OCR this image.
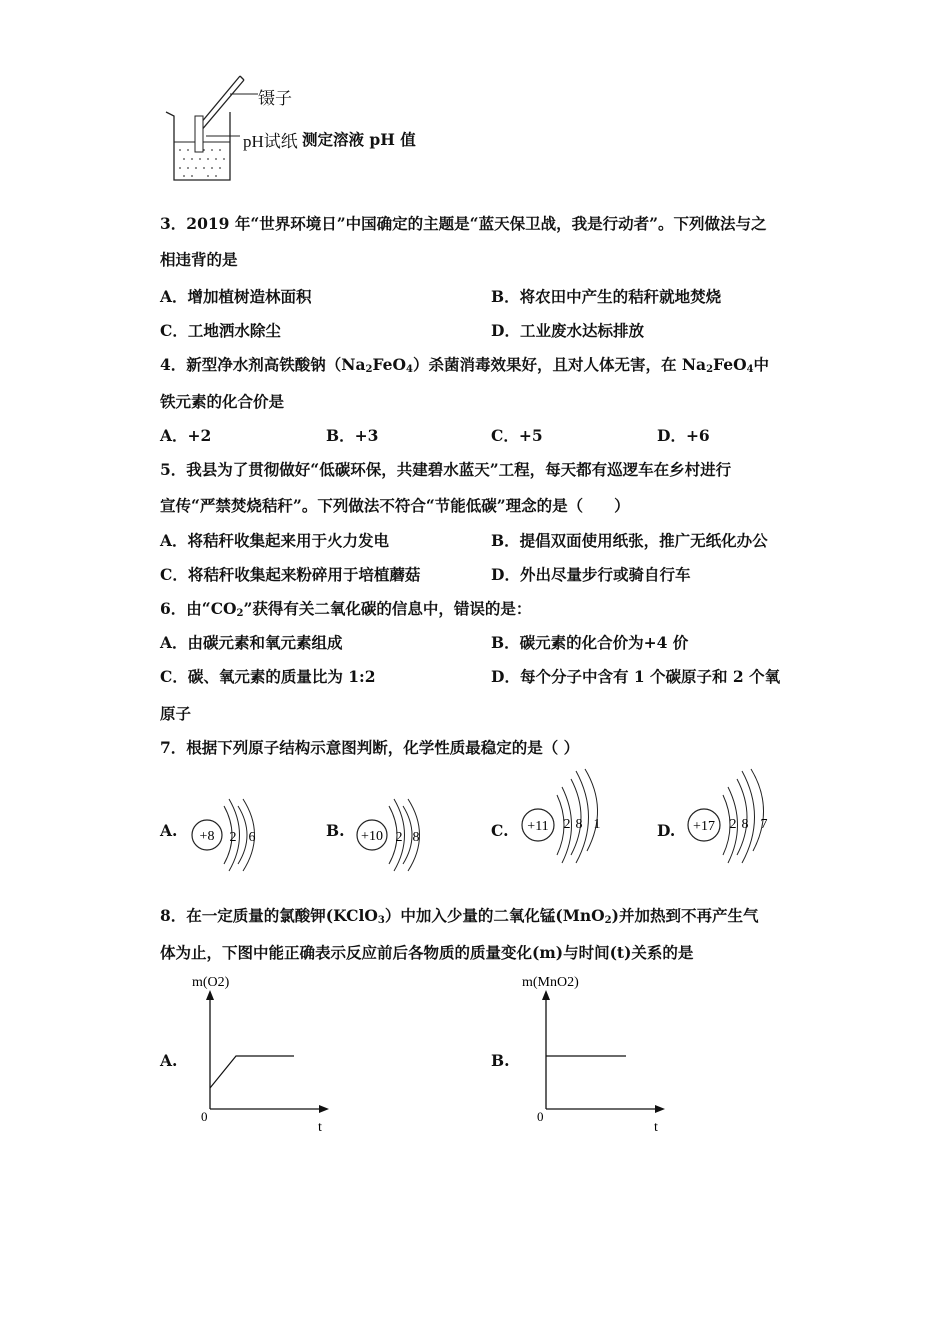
镊子
pH试纸 测定溶液 pH 值
3．2019 年“世界环境日”中国确定的主题是“蓝天保卫战，我是行动者”。下列做法与之
相违背的是
A．增加植树造林面积	B．将农田中产生的秸秆就地焚烧
C．工地洒水除尘	D．工业废水达标排放
4．新型净水剂高铁酸钠$(Na_2FeO_4)$杀菌消毒效果好，且对人体无害，在 $Na_2FeO_4$中
铁元素的化合价是
A．+2	B．+3	C．+5	D．+6
5．我县为了贯彻做好“低碳环保，共建碧水蓝天”工程，每天都有巡逻车在乡村进行
宣传“严禁焚烧秸秆”。下列做法不符合“节能低碳”理念的是（　　）
A．将秸秆收集起来用于火力发电	B．提倡双面使用纸张，推广无纸化办公
C．将秸秆收集起来粉碎用于培植蘑菇	D．外出尽量步行或骑自行车
6．由“$CO_2$”获得有关二氧化碳的信息中，错误的是：
A．由碳元素和氧元素组成	B．碳元素的化合价为+4 价
C．碳、氧元素的质量比为 1:2	D．每个分子中含有 1 个碳原子和 2 个氧
原子
7．根据下列原子结构示意图判断，化学性质最稳定的是（ ）
A. +8 2 6	B. +10 2 8	C. +11 2 8 1	D. +17 2 8 7
8．在一定质量的氯酸钾(KClO$_3$）中加入少量的二氧化锰(MnO$_2$)并加热到不再产生气
体为止，下图中能正确表示反应前后各物质的质量变化(m)与时间(t)关系的是
A.
m(O2)
0
t
B.
m(MnO2)
0
t
